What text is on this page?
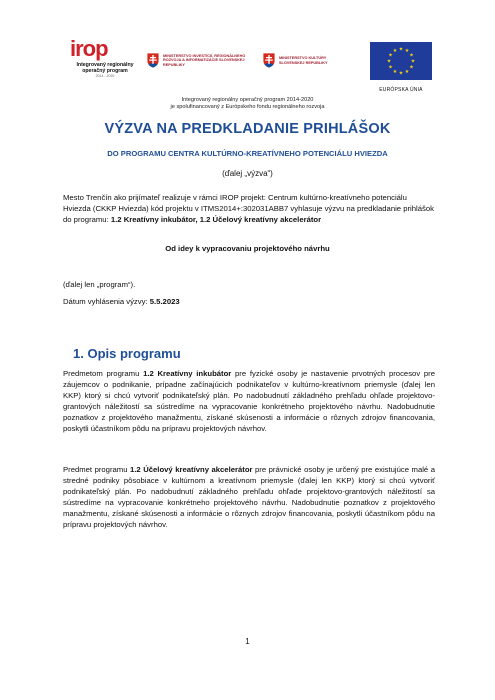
irop
Integrovaný regionálny operačný program
2014 - 2020
MINISTERSTVO INVESTÍCIÍ, REGIONÁLNEHO ROZVOJA A INFORMATIZÁCIE SLOVENSKEJ REPUBLIKY
MINISTERSTVO KULTÚRY SLOVENSKEJ REPUBLIKY
★ ★
★
★
★
★
★
★
★
★
★
★
EURÓPSKA ÚNIA
Integrovaný regionálny operačný program 2014-2020
je spolufinancovaný z Európskeho fondu regionálneho rozvoja
VÝZVA NA PREDKLADANIE PRIHLÁŠOK
DO PROGRAMU CENTRA KULTÚRNO-KREATÍVNEHO POTENCIÁLU HVIEZDA
(ďalej „výzva“)
Mesto Trenčín ako prijímateľ realizuje v rámci IROP projekt: Centrum kultúrno-kreatívneho potenciálu Hviezda (CKKP Hviezda) kód projektu v ITMS2014+:302031ABB7 vyhlasuje výzvu na predkladanie prihlášok do programu: 1.2 Kreatívny inkubátor, 1.2 Účelový kreatívny akcelerátor
Od idey k vypracovaniu projektového návrhu
(ďalej len „program“).
Dátum vyhlásenia výzvy: 5.5.2023
1. Opis programu
Predmetom programu 1.2 Kreatívny inkubátor pre fyzické osoby je nastavenie prvotných procesov pre záujemcov o podnikanie, prípadne začínajúcich podnikateľov v kultúrno-kreatívnom priemysle (ďalej len KKP) ktorý si chcú vytvoriť podnikateľský plán. Po nadobudnutí základného prehľadu ohľade projektovo-grantových náležitostí sa sústredíme na vypracovanie konkrétneho projektového návrhu. Nadobudnutie poznatkov z projektového manažmentu, získané skúsenosti a informácie o rôznych zdrojov financovania, poskytli účastníkom pôdu na prípravu projektových návrhov.
Predmet programu 1.2 Účelový kreatívny akcelerátor pre právnické osoby je určený pre existujúce malé a stredné podniky pôsobiace v kultúrnom a kreatívnom priemysle (ďalej len KKP) ktorý si chcú vytvoriť podnikateľský plán. Po nadobudnutí základného prehľadu ohľade projektovo-grantových náležitostí sa sústredíme na vypracovanie konkrétneho projektového návrhu. Nadobudnutie poznatkov z projektového manažmentu, získané skúsenosti a informácie o rôznych zdrojov financovania, poskytli účastníkom pôdu na prípravu projektových návrhov.
1
